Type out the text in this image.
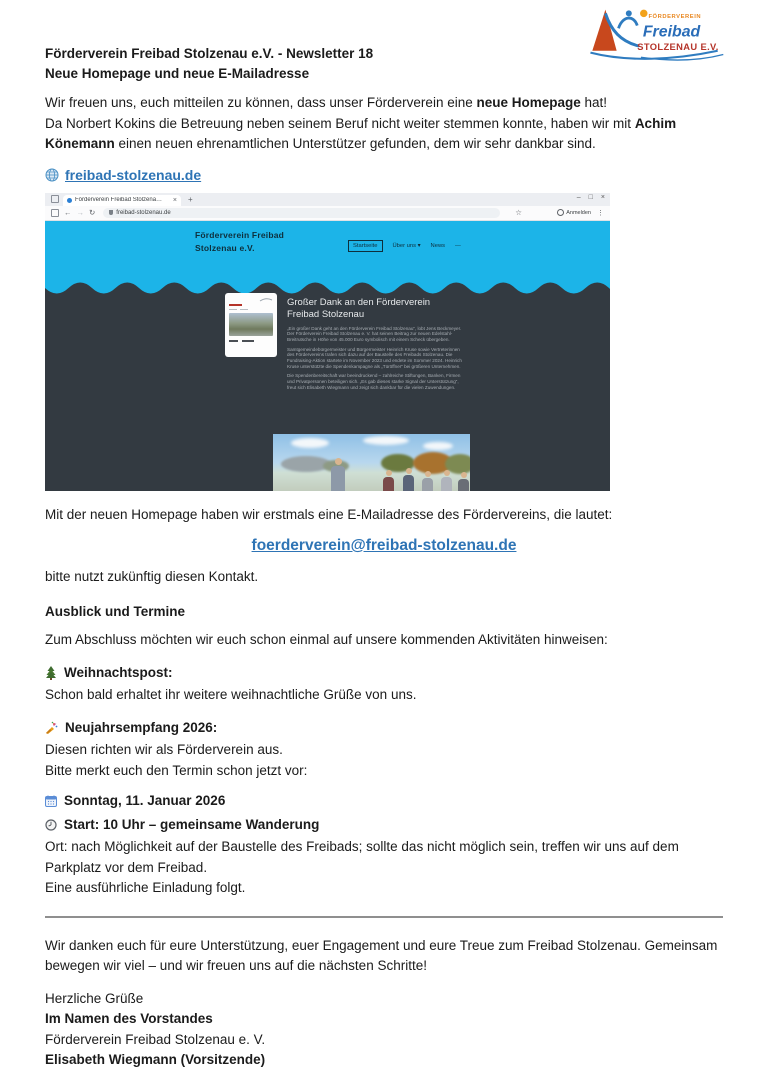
FÖRDERVEREIN
Freibad
STOLZENAU E.V.
Förderverein Freibad Stolzenau e.V. - Newsletter 18
Neue Homepage und neue E-Mailadresse

Wir freuen uns, euch mitteilen zu können, dass unser Förderverein eine neue Homepage hat!
Da Norbert Kokins die Betreuung neben seinem Beruf nicht weiter stemmen konnte, haben wir mit Achim Könemann einen neuen ehrenamtlichen Unterstützer gefunden, dem wir sehr dankbar sind.

freibad-stolzenau.de
Förderverein Freibad Stolzena…	× +	– □ ×
← → ↻	freibad-stolzenau.de	☆	Anmelden ⋮
Förderverein Freibad
Stolzenau e.V.	Startseite	Über uns ▾ News —
Großer Dank an den Förderverein
Freibad Stolzenau

„Ein großer Dank geht an den Förderverein Freibad Stolzenau“, lobt Jens Beckmeyer. Der Förderverein Freibad Stolzenau e. V. hat seinen Beitrag zur neuen Edelstahl-Breitrutsche in Höhe von 45.000 Euro symbolisch mit einem Scheck übergeben.

Samtgemeindebürgermeister und Bürgermeister Heinrich Kruse sowie Vertreterinnen des Fördervereins trafen sich dazu auf der Baustelle des Freibads Stolzenau. Die Fundraising-Aktion startete im November 2023 und endete im Sommer 2024. Heinrich Kruse unterstützte die Spendenkampagne als „Türöffner“ bei größeren Unternehmen.

Die Spendenbereitschaft war beeindruckend – zahlreiche Stiftungen, Banken, Firmen und Privatpersonen beteiligen sich. „Es gab dieses starke Signal der Unterstützung“, freut sich Elisabeth Wiegmann und zeigt sich dankbar für die vielen Zuwendungen.

Mit der neuen Homepage haben wir erstmals eine E-Mailadresse des Fördervereins, die lautet:

foerderverein@freibad-stolzenau.de

bitte nutzt zukünftig diesen Kontakt.

Ausblick und Termine

Zum Abschluss möchten wir euch schon einmal auf unsere kommenden Aktivitäten hinweisen:

Weihnachtspost:

Schon bald erhaltet ihr weitere weihnachtliche Grüße von uns.

Neujahrsempfang 2026:

Diesen richten wir als Förderverein aus.

Bitte merkt euch den Termin schon jetzt vor:

Sonntag, 11. Januar 2026
Start: 10 Uhr – gemeinsame Wanderung

Ort: nach Möglichkeit auf der Baustelle des Freibads; sollte das nicht möglich sein, treffen wir uns auf dem Parkplatz vor dem Freibad.

Eine ausführliche Einladung folgt.

Wir danken euch für eure Unterstützung, euer Engagement und eure Treue zum Freibad Stolzenau. Gemeinsam bewegen wir viel – und wir freuen uns auf die nächsten Schritte!

Herzliche Grüße
Im Namen des Vorstandes
Förderverein Freibad Stolzenau e. V.
Elisabeth Wiegmann (Vorsitzende)
